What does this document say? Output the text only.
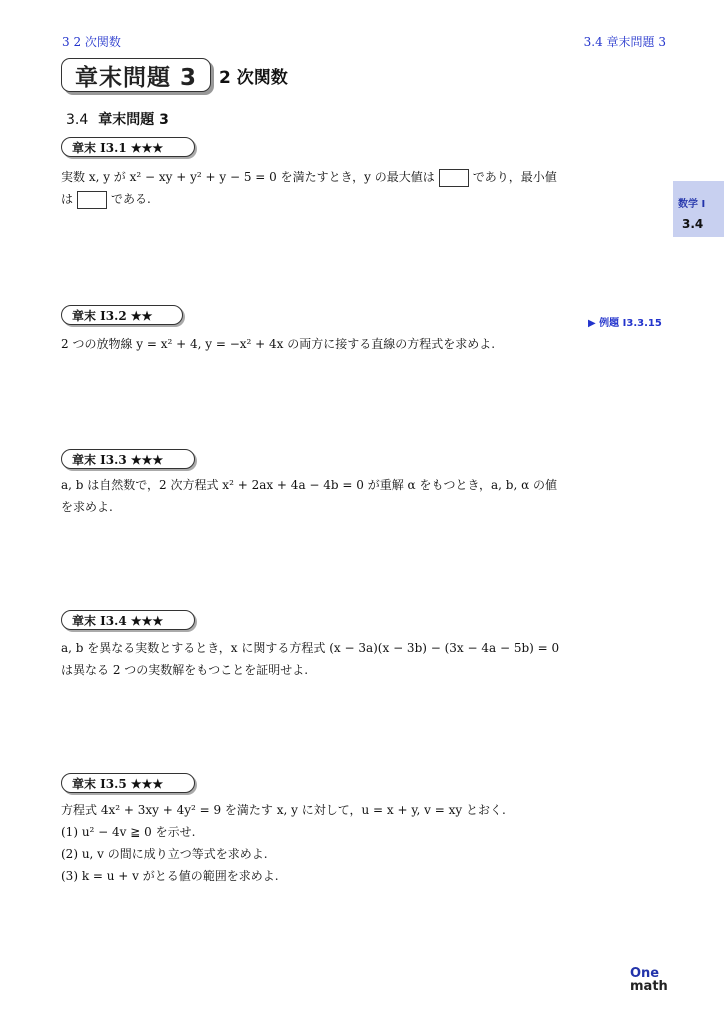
3 2 次関数	3.4 章末問題 3
章末問題 3	2 次関数
3.4 章末問題 3
数学 I
3.4
章末 I3.1 ★★★
実数 x, y が x² − xy + y² + y − 5 = 0 を満たすとき，y の最大値は	であり，最小値
は	である.
章末 I3.2 ★★
▶ 例題 I3.3.15
2 つの放物線 y = x² + 4, y = −x² + 4x の両方に接する直線の方程式を求めよ.
章末 I3.3 ★★★
a, b は自然数で，2 次方程式 x² + 2ax + 4a − 4b = 0 が重解 α をもつとき，a, b, α の値
を求めよ.
章末 I3.4 ★★★
a, b を異なる実数とするとき，x に関する方程式 (x − 3a)(x − 3b) − (3x − 4a − 5b) = 0
は異なる 2 つの実数解をもつことを証明せよ.
章末 I3.5 ★★★
方程式 4x² + 3xy + 4y² = 9 を満たす x, y に対して，u = x + y, v = xy とおく.
(1) u² − 4v ≧ 0 を示せ.
(2) u, v の間に成り立つ等式を求めよ.
(3) k = u + v がとる値の範囲を求めよ.
One
math
